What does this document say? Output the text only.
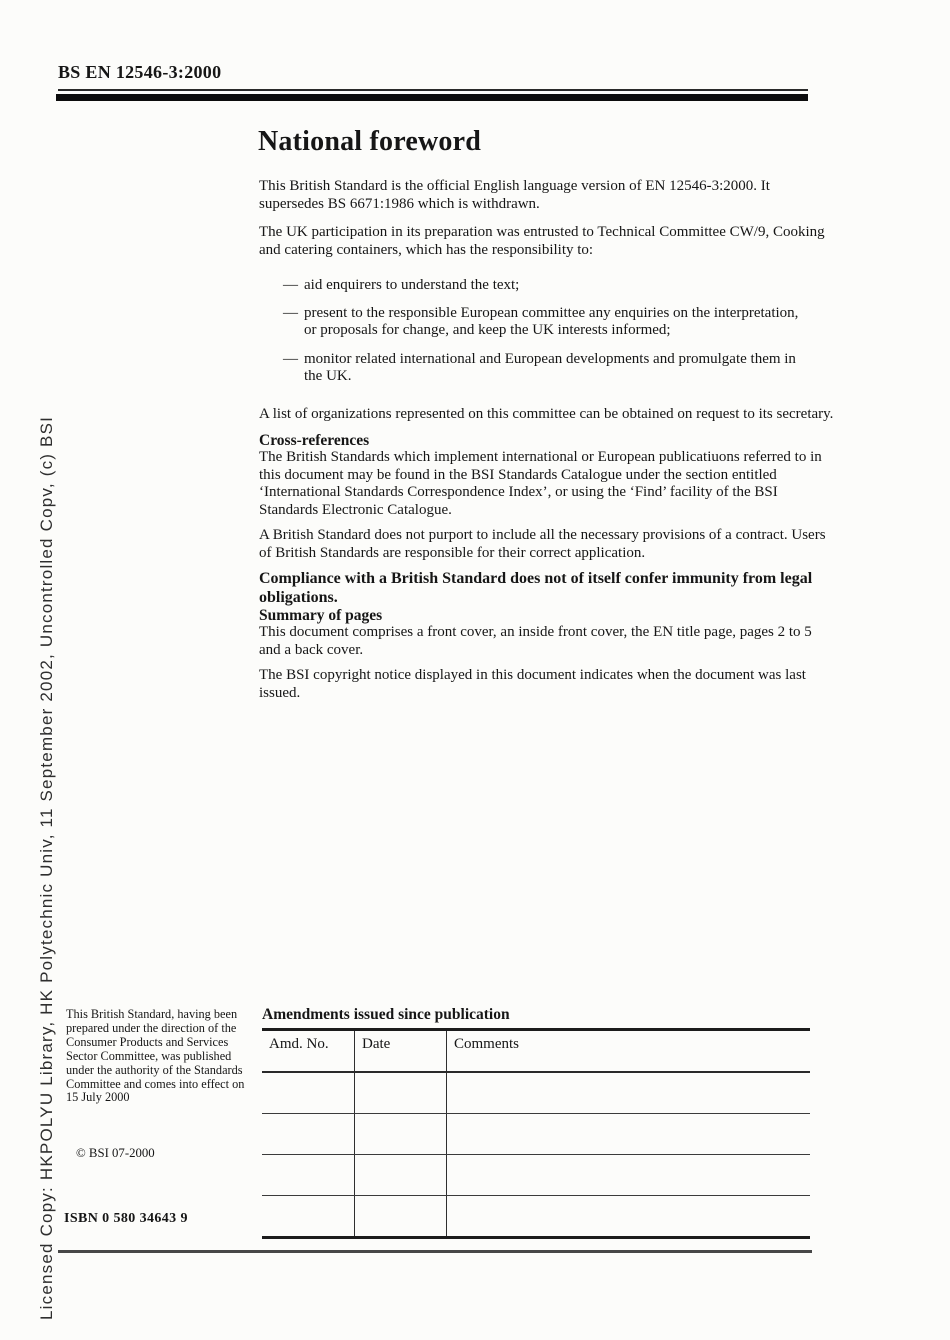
Licensed Copy: HKPOLYU Library, HK Polytechnic Univ, 11 September 2002, Uncontrolled Copv, (c) BSI
BS EN 12546-3:2000
National foreword

This British Standard is the official English language version of EN 12546-3:2000. It supersedes BS 6671:1986 which is withdrawn.

The UK participation in its preparation was entrusted to Technical Committee CW/9, Cooking and catering containers, which has the responsibility to:

— aid enquirers to understand the text;
— present to the responsible European committee any enquiries on the interpretation, or proposals for change, and keep the UK interests informed;
— monitor related international and European developments and promulgate them in the UK.

A list of organizations represented on this committee can be obtained on request to its secretary.

Cross-references

The British Standards which implement international or European publicatiuons referred to in this document may be found in the BSI Standards Catalogue under the section entitled ‘International Standards Correspondence Index’, or using the ‘Find’ facility of the BSI Standards Electronic Catalogue.

A British Standard does not purport to include all the necessary provisions of a contract. Users of British Standards are responsible for their correct application.

Compliance with a British Standard does not of itself confer immunity from legal obligations.

Summary of pages

This document comprises a front cover, an inside front cover, the EN title page, pages 2 to 5 and a back cover.

The BSI copyright notice displayed in this document indicates when the document was last issued.

This British Standard, having been prepared under the direction of the Consumer Products and Services Sector Committee, was published under the authority of the Standards Committee and comes into effect on 15 July 2000
© BSI 07-2000
ISBN 0 580 34643 9
Amendments issued since publication
Amd. No.	Date	Comments
